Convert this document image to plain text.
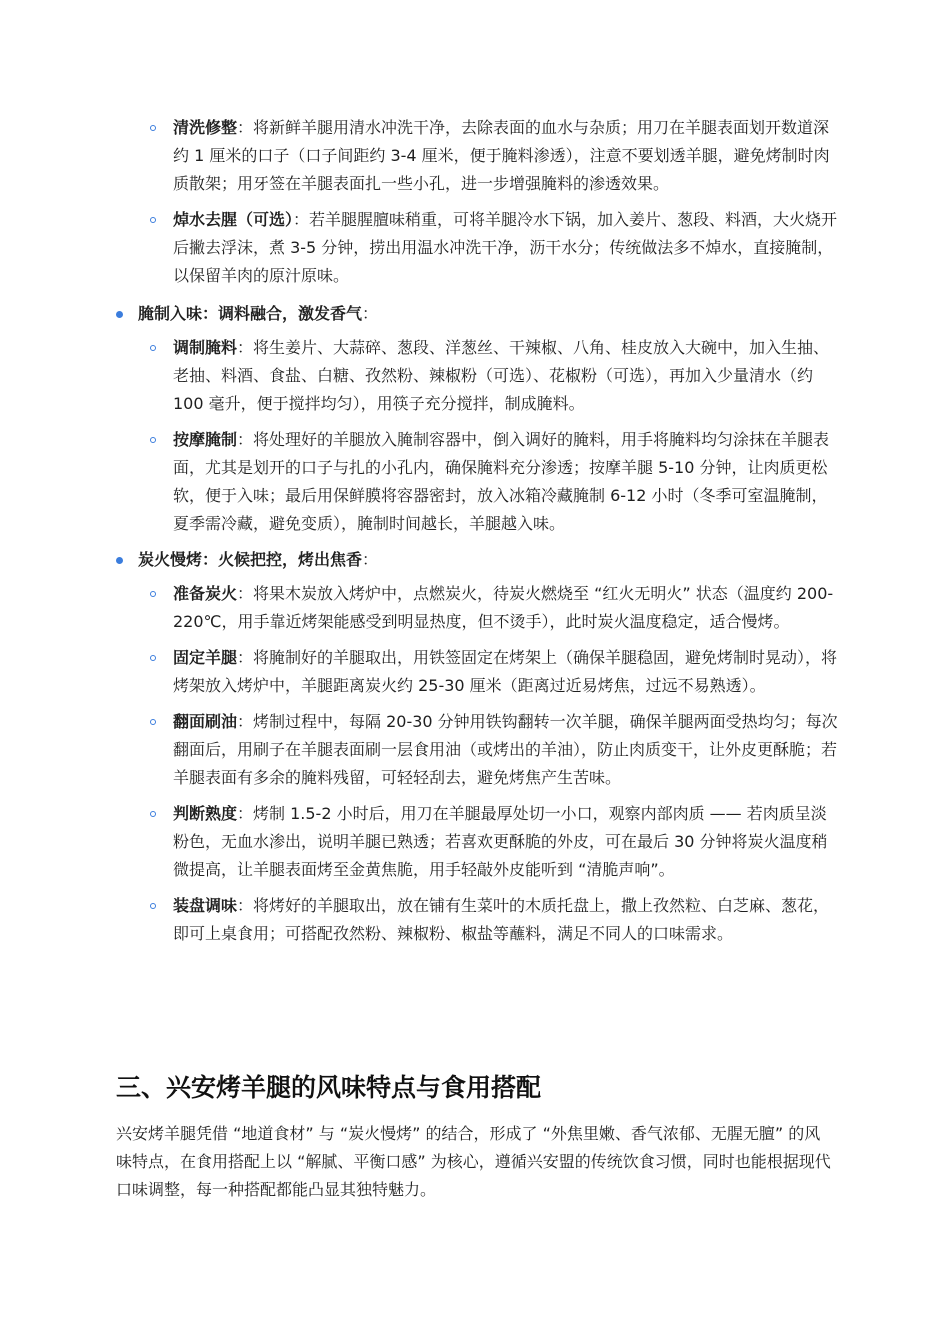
清洗修整：将新鲜羊腿用清水冲洗干净，去除表面的血水与杂质；用刀在羊腿表面划开数道深约 1 厘米的口子（口子间距约 3-4 厘米，便于腌料渗透），注意不要划透羊腿，避免烤制时肉质散架；用牙签在羊腿表面扎一些小孔，进一步增强腌料的渗透效果。
焯水去腥（可选）：若羊腿腥膻味稍重，可将羊腿冷水下锅，加入姜片、葱段、料酒，大火烧开后撇去浮沫，煮 3-5 分钟，捞出用温水冲洗干净，沥干水分；传统做法多不焯水，直接腌制，以保留羊肉的原汁原味。
腌制入味：调料融合，激发香气：
调制腌料：将生姜片、大蒜碎、葱段、洋葱丝、干辣椒、八角、桂皮放入大碗中，加入生抽、老抽、料酒、食盐、白糖、孜然粉、辣椒粉（可选）、花椒粉（可选），再加入少量清水（约 100 毫升，便于搅拌均匀），用筷子充分搅拌，制成腌料。
按摩腌制：将处理好的羊腿放入腌制容器中，倒入调好的腌料，用手将腌料均匀涂抹在羊腿表面，尤其是划开的口子与扎的小孔内，确保腌料充分渗透；按摩羊腿 5-10 分钟，让肉质更松软，便于入味；最后用保鲜膜将容器密封，放入冰箱冷藏腌制 6-12 小时（冬季可室温腌制，夏季需冷藏，避免变质），腌制时间越长，羊腿越入味。
炭火慢烤：火候把控，烤出焦香：
准备炭火：将果木炭放入烤炉中，点燃炭火，待炭火燃烧至 “红火无明火” 状态（温度约 200-220℃，用手靠近烤架能感受到明显热度，但不烫手），此时炭火温度稳定，适合慢烤。
固定羊腿：将腌制好的羊腿取出，用铁签固定在烤架上（确保羊腿稳固，避免烤制时晃动），将烤架放入烤炉中，羊腿距离炭火约 25-30 厘米（距离过近易烤焦，过远不易熟透）。
翻面刷油：烤制过程中，每隔 20-30 分钟用铁钩翻转一次羊腿，确保羊腿两面受热均匀；每次翻面后，用刷子在羊腿表面刷一层食用油（或烤出的羊油），防止肉质变干，让外皮更酥脆；若羊腿表面有多余的腌料残留，可轻轻刮去，避免烤焦产生苦味。
判断熟度：烤制 1.5-2 小时后，用刀在羊腿最厚处切一小口，观察内部肉质 —— 若肉质呈淡粉色，无血水渗出，说明羊腿已熟透；若喜欢更酥脆的外皮，可在最后 30 分钟将炭火温度稍微提高，让羊腿表面烤至金黄焦脆，用手轻敲外皮能听到 “清脆声响”。
装盘调味：将烤好的羊腿取出，放在铺有生菜叶的木质托盘上，撒上孜然粒、白芝麻、葱花，即可上桌食用；可搭配孜然粉、辣椒粉、椒盐等蘸料，满足不同人的口味需求。
三、兴安烤羊腿的风味特点与食用搭配
兴安烤羊腿凭借 “地道食材” 与 “炭火慢烤” 的结合，形成了 “外焦里嫩、香气浓郁、无腥无膻” 的风味特点，在食用搭配上以 “解腻、平衡口感” 为核心，遵循兴安盟的传统饮食习惯，同时也能根据现代口味调整，每一种搭配都能凸显其独特魅力。
